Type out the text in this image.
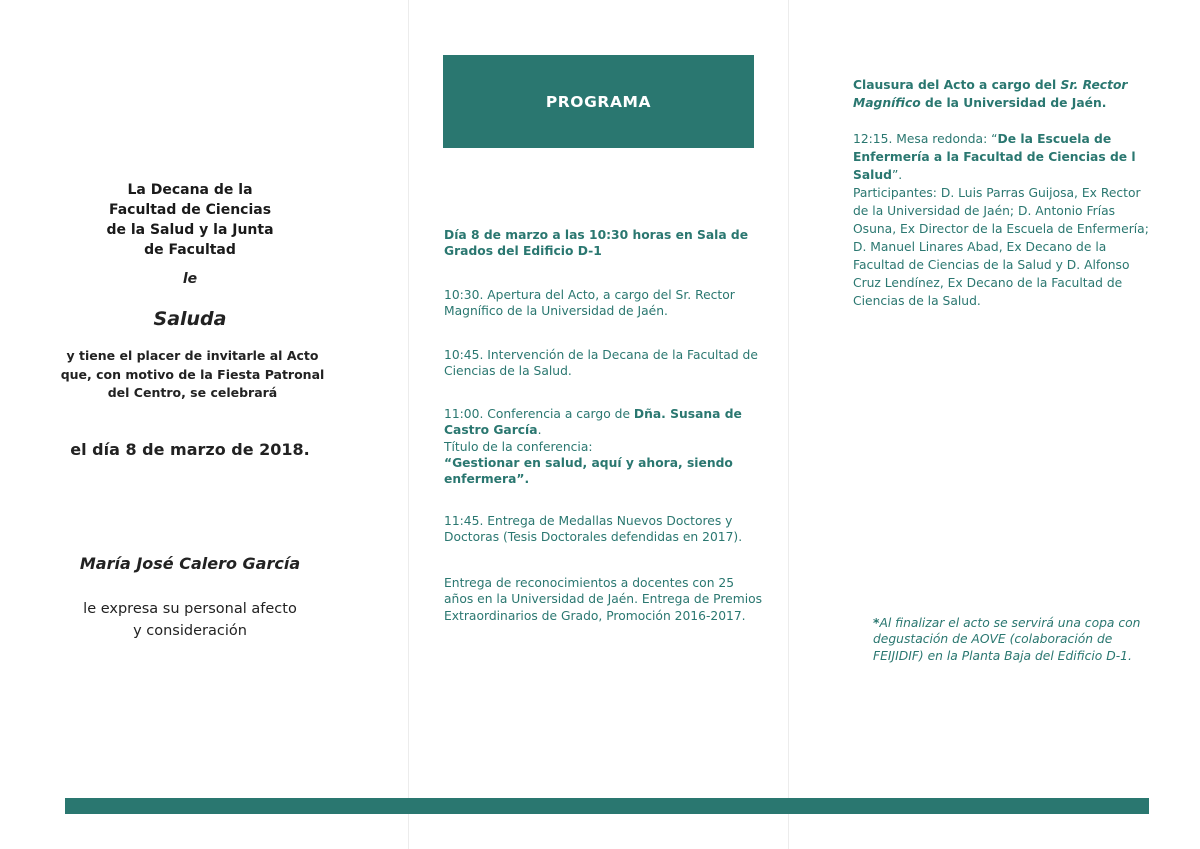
La Decana de la
Facultad de Ciencias
de la Salud y la Junta
de Facultad
le
Saluda
y tiene el placer de invitarle al Acto
que, con motivo de la Fiesta Patronal
del Centro, se celebrará
el día 8 de marzo de 2018.
María José Calero García
le expresa su personal afecto
y consideración
PROGRAMA
Día 8 de marzo a las 10:30 horas en Sala de Grados del Edificio D-1
10:30. Apertura del Acto, a cargo del Sr. Rector Magnífico de la Universidad de Jaén.
10:45. Intervención de la Decana de la Facultad de Ciencias de la Salud.
11:00. Conferencia a cargo de Dña. Susana de Castro García.
Título de la conferencia:
“Gestionar en salud, aquí y ahora, siendo enfermera”.
11:45. Entrega de Medallas Nuevos Doctores y Doctoras (Tesis Doctorales defendidas en 2017).
Entrega de reconocimientos a docentes con 25 años en la Universidad de Jaén. Entrega de Premios Extraordinarios de Grado, Promoción 2016-2017.
Clausura del Acto a cargo del Sr. Rector Magnífico de la Universidad de Jaén.
12:15. Mesa redonda: “De la Escuela de Enfermería a la Facultad de Ciencias de l Salud”.
Participantes: D. Luis Parras Guijosa, Ex Rector de la Universidad de Jaén; D. Antonio Frías Osuna, Ex Director de la Escuela de Enfermería; D. Manuel Linares Abad, Ex Decano de la Facultad de Ciencias de la Salud y D. Alfonso Cruz Lendínez, Ex Decano de la Facultad de Ciencias de la Salud.
*Al finalizar el acto se servirá una copa con degustación de AOVE (colaboración de FEIJIDIF) en la Planta Baja del Edificio D-1.
